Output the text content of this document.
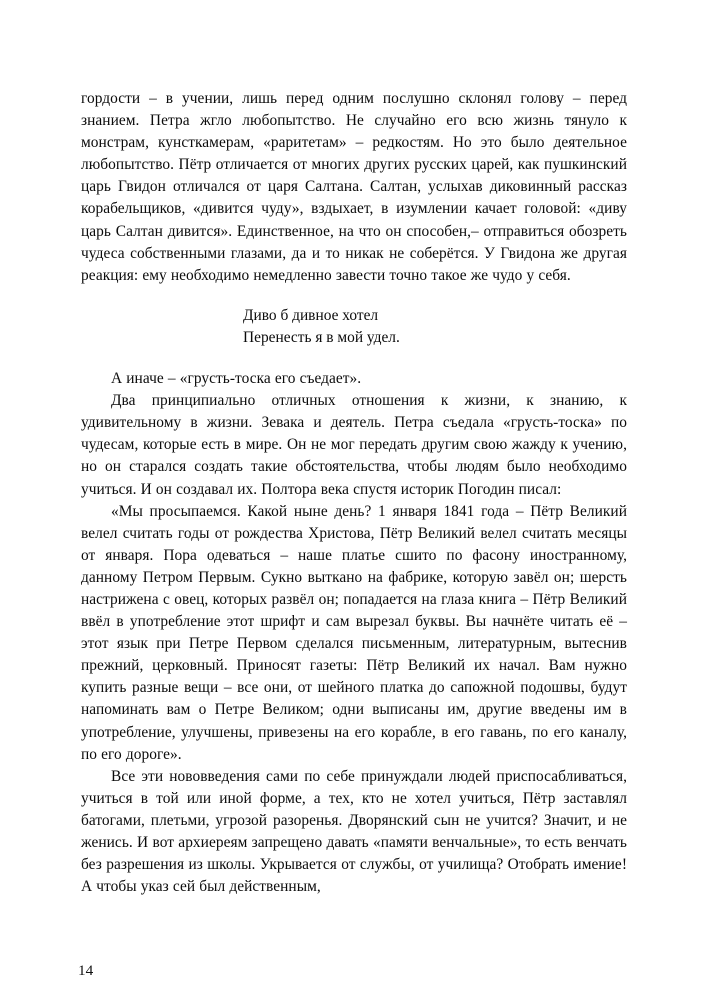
гордости – в учении, лишь перед одним послушно склонял голову – перед знанием. Петра жгло любопытство. Не случайно его всю жизнь тянуло к монстрам, кунсткамерам, «раритетам» – редкостям. Но это было деятельное любопытство. Пётр отличается от многих других русских царей, как пушкинский царь Гвидон отличался от царя Салтана. Салтан, услыхав диковинный рассказ корабельщиков, «дивится чуду», вздыхает, в изумлении качает головой: «диву царь Салтан дивится». Единственное, на что он способен,– отправиться обозреть чудеса собственными глазами, да и то никак не соберётся. У Гвидона же другая реакция: ему необходимо немедленно завести точно такое же чудо у себя.

Диво б дивное хотел
Перенесть я в мой удел.

А иначе – «грусть-тоска его съедает».

Два принципиально отличных отношения к жизни, к знанию, к удивительному в жизни. Зевака и деятель. Петра съедала «грусть-тоска» по чудесам, которые есть в мире. Он не мог передать другим свою жажду к учению, но он старался создать такие обстоятельства, чтобы людям было необходимо учиться. И он создавал их. Полтора века спустя историк Погодин писал:

«Мы просыпаемся. Какой ныне день? 1 января 1841 года – Пётр Великий велел считать годы от рождества Христова, Пётр Великий велел считать месяцы от января. Пора одеваться – наше платье сшито по фасону иностранному, данному Петром Первым. Сукно выткано на фабрике, которую завёл он; шерсть настрижена с овец, которых развёл он; попадается на глаза книга – Пётр Великий ввёл в употребление этот шрифт и сам вырезал буквы. Вы начнёте читать её – этот язык при Петре Первом сделался письменным, литературным, вытеснив прежний, церковный. Приносят газеты: Пётр Великий их начал. Вам нужно купить разные вещи – все они, от шейного платка до сапожной подошвы, будут напоминать вам о Петре Великом; одни выписаны им, другие введены им в употребление, улучшены, привезены на его корабле, в его гавань, по его каналу, по его дороге».

Все эти нововведения сами по себе принуждали людей приспосабливаться, учиться в той или иной форме, а тех, кто не хотел учиться, Пётр заставлял батогами, плетьми, угрозой разоренья. Дворянский сын не учится? Значит, и не женись. И вот архиереям запрещено давать «памяти венчальные», то есть венчать без разрешения из школы. Укрывается от службы, от училища? Отобрать имение! А чтобы указ сей был действенным,

14
